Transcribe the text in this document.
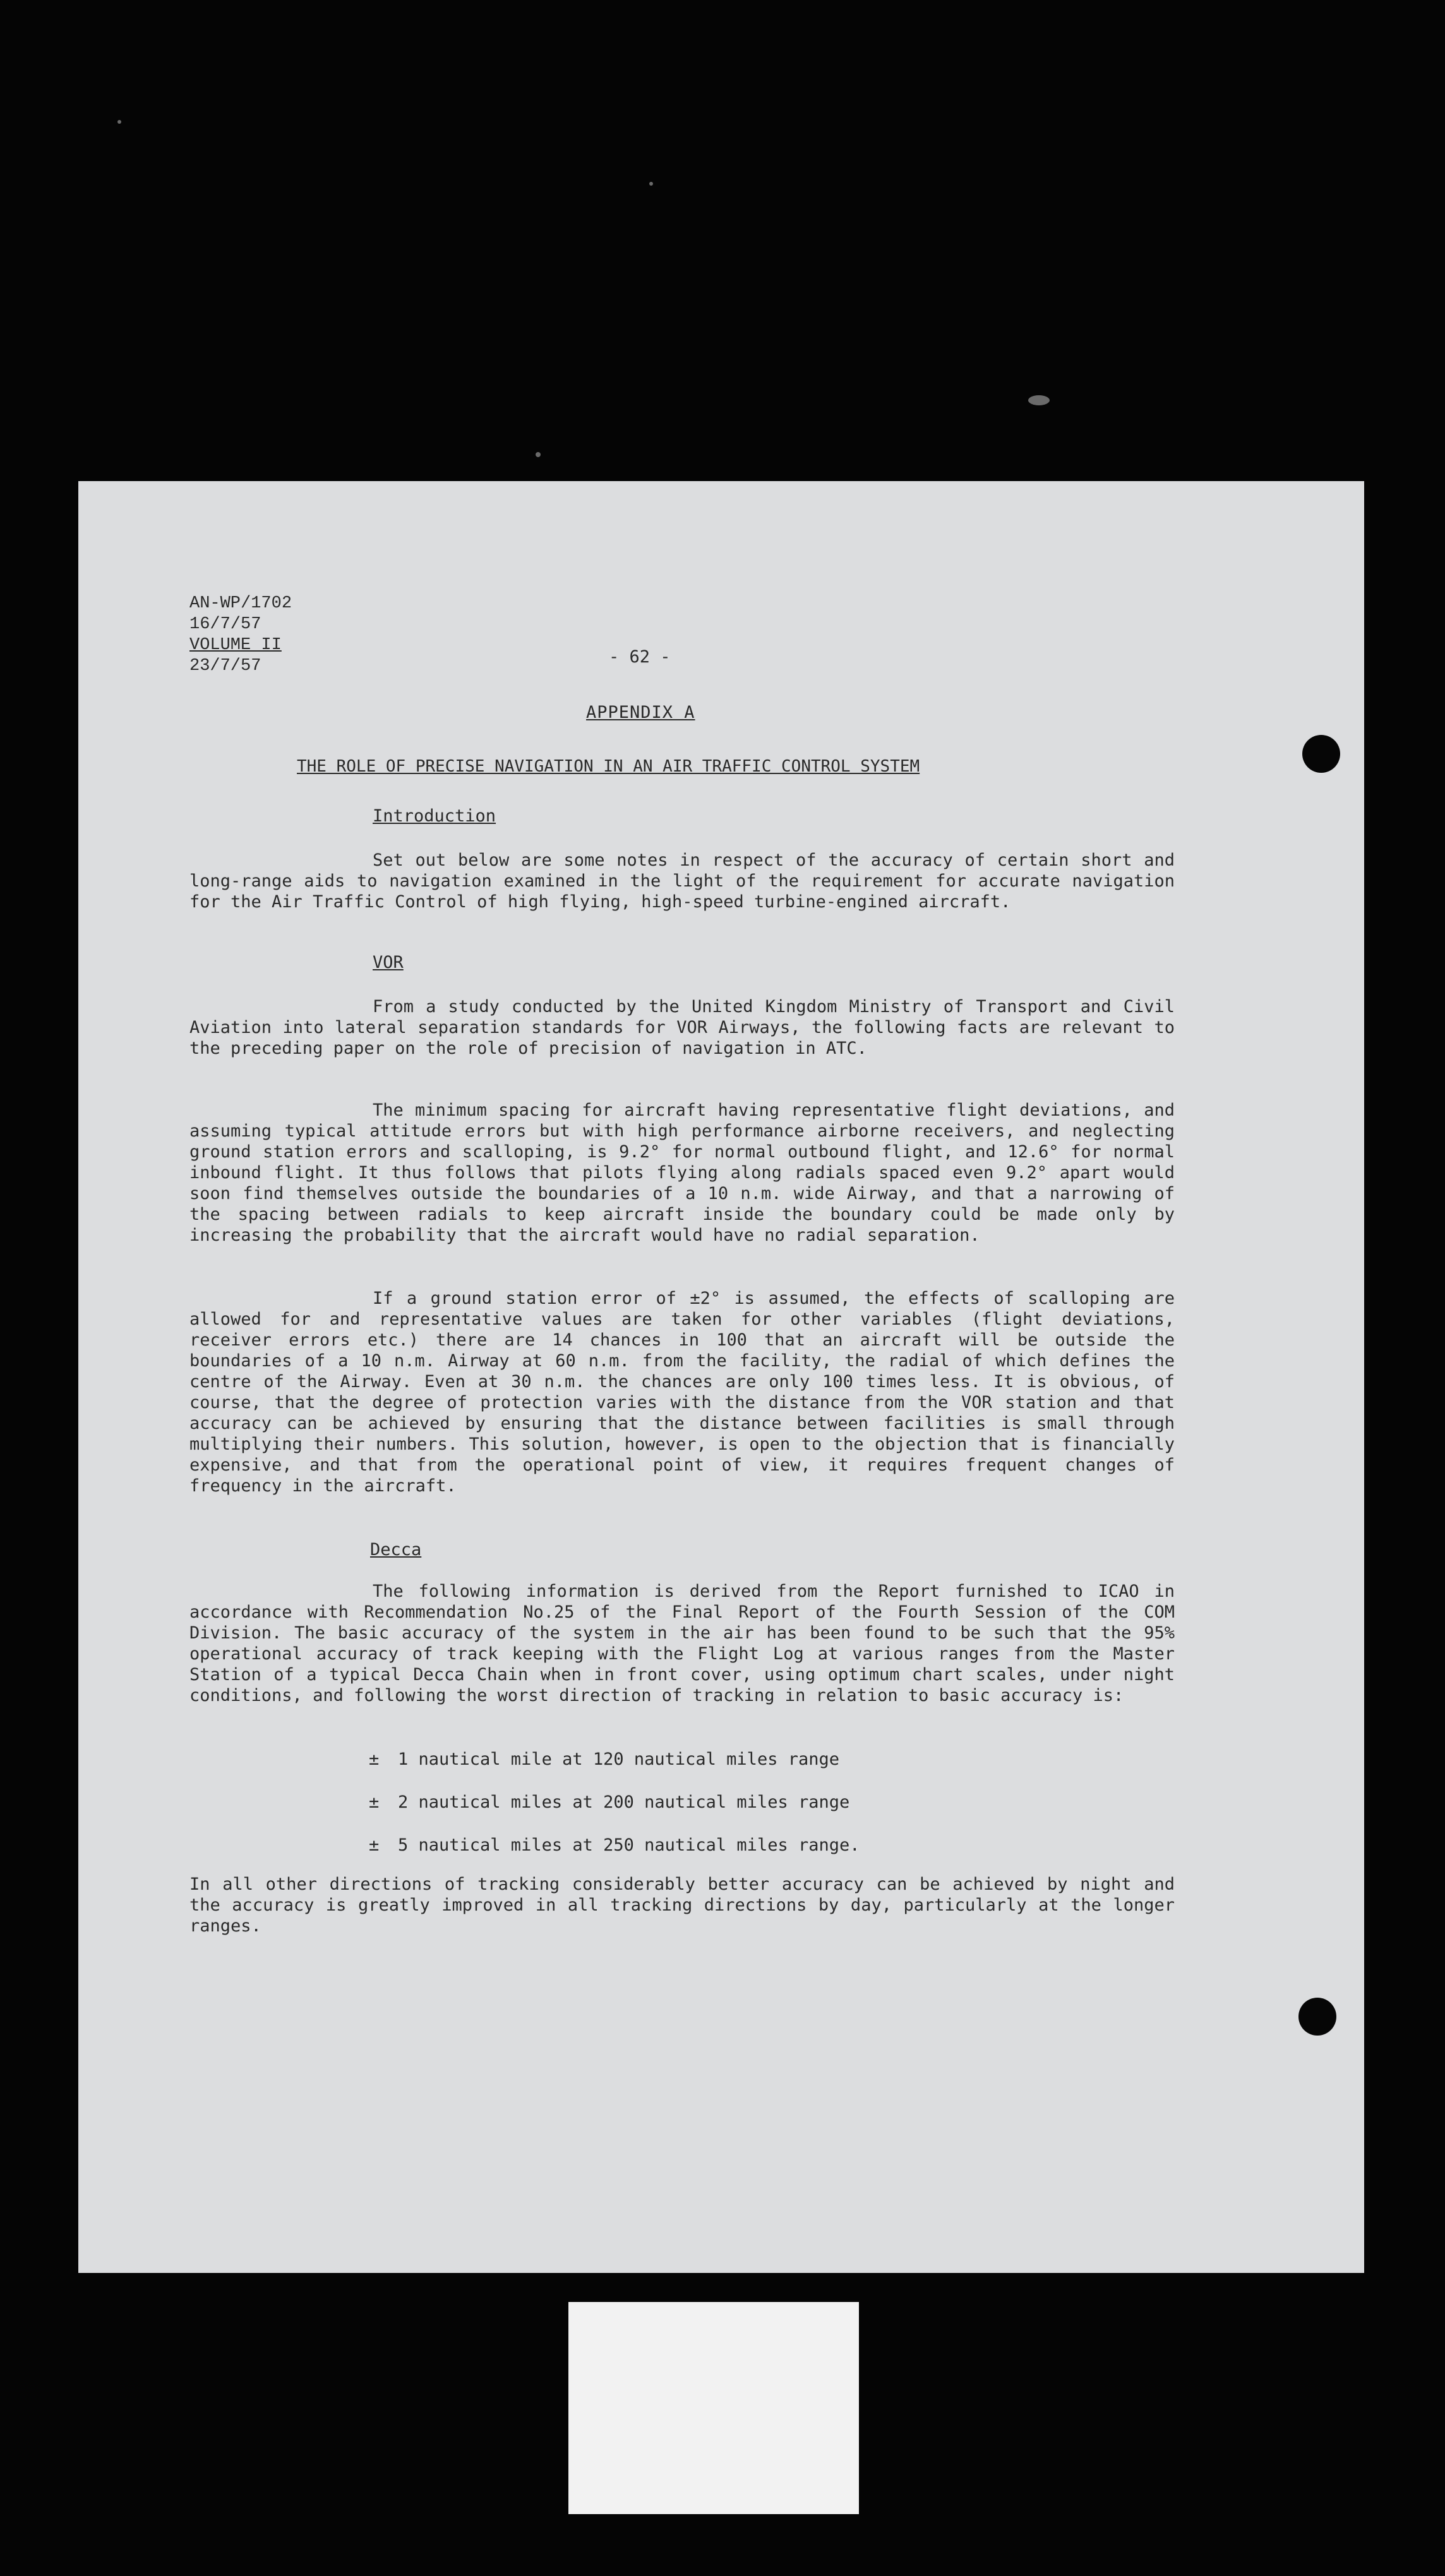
AN-WP/1702
16/7/57
VOLUME II
23/7/57	- 62 -
APPENDIX A
THE ROLE OF PRECISE NAVIGATION IN AN AIR TRAFFIC CONTROL SYSTEM
Introduction
Set out below are some notes in respect of the accuracy of certain short and long-range aids to navigation examined in the light of the requirement for accurate navigation for the Air Traffic Control of high flying, high-speed turbine-engined aircraft.
VOR
From a study conducted by the United Kingdom Ministry of Transport and Civil Aviation into lateral separation standards for VOR Airways, the following facts are relevant to the preceding paper on the role of precision of navigation in ATC.
The minimum spacing for aircraft having representative flight deviations, and assuming typical attitude errors but with high performance airborne receivers, and neglecting ground station errors and scalloping, is 9.2° for normal outbound flight, and 12.6° for normal inbound flight. It thus follows that pilots flying along radials spaced even 9.2° apart would soon find themselves outside the boundaries of a 10 n.m. wide Airway, and that a narrowing of the spacing between radials to keep aircraft inside the boundary could be made only by increasing the probability that the aircraft would have no radial separation.
If a ground station error of ±2° is assumed, the effects of scalloping are allowed for and representative values are taken for other variables (flight deviations, receiver errors etc.) there are 14 chances in 100 that an aircraft will be outside the boundaries of a 10 n.m. Airway at 60 n.m. from the facility, the radial of which defines the centre of the Airway. Even at 30 n.m. the chances are only 100 times less. It is obvious, of course, that the degree of protection varies with the distance from the VOR station and that accuracy can be achieved by ensuring that the distance between facilities is small through multiplying their numbers. This solution, however, is open to the objection that is financially expensive, and that from the operational point of view, it requires frequent changes of frequency in the aircraft.
Decca
The following information is derived from the Report furnished to ICAO in accordance with Recommendation No.25 of the Final Report of the Fourth Session of the COM Division. The basic accuracy of the system in the air has been found to be such that the 95% operational accuracy of track keeping with the Flight Log at various ranges from the Master Station of a typical Decca Chain when in front cover, using optimum chart scales, under night conditions, and following the worst direction of tracking in relation to basic accuracy is:
± 1 nautical mile at 120 nautical miles range
± 2 nautical miles at 200 nautical miles range
± 5 nautical miles at 250 nautical miles range.
In all other directions of tracking considerably better accuracy can be achieved by night and the accuracy is greatly improved in all tracking directions by day, particularly at the longer ranges.
